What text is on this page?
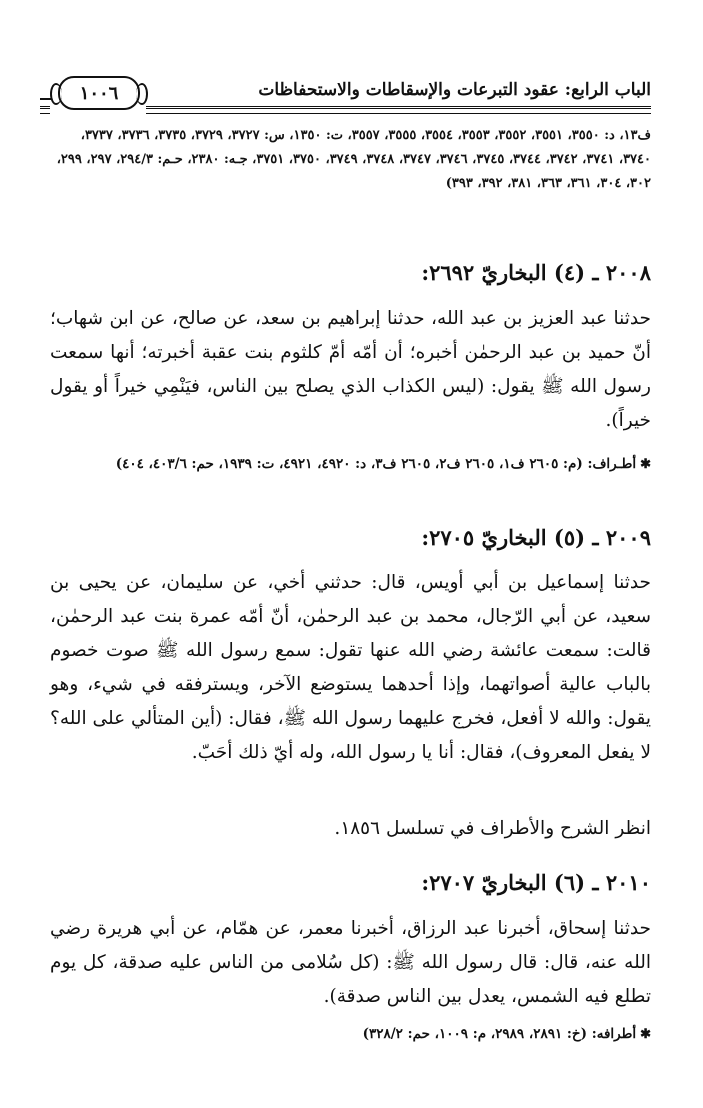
الباب الرابع: عقود التبرعات والإسقاطات والاستحفاظات
١٠٠٦
ف١٣، د: ٣٥٥٠، ٣٥٥١، ٣٥٥٢، ٣٥٥٣، ٣٥٥٤، ٣٥٥٥، ٣٥٥٧، ت: ١٣٥٠، س: ٣٧٢٧، ٣٧٢٩، ٣٧٣٥، ٣٧٣٦، ٣٧٣٧، ٣٧٤٠، ٣٧٤١، ٣٧٤٢، ٣٧٤٤، ٣٧٤٥، ٣٧٤٦، ٣٧٤٧، ٣٧٤٨، ٣٧٤٩، ٣٧٥٠، ٣٧٥١، جـه: ٢٣٨٠، حـم: ٢٩٤/٣، ٢٩٧، ٢٩٩، ٣٠٢، ٣٠٤، ٣٦١، ٣٦٣، ٣٨١، ٣٩٢، ٣٩٣)
٢٠٠٨ ـ (٤) البخاريّ ٢٦٩٢:
حدثنا عبد العزيز بن عبد الله، حدثنا إبراهيم بن سعد، عن صالح، عن ابن شهاب؛ أنّ حميد بن عبد الرحمٰن أخبره؛ أن أمّه أمّ كلثوم بنت عقبة أخبرته؛ أنها سمعت رسول الله ﷺ يقول: (ليس الكذاب الذي يصلح بين الناس، فيَنْمِي خيراً أو يقول خيراً).
✱أطـراف: (م: ٢٦٠٥ ف١، ٢٦٠٥ ف٢، ٢٦٠٥ ف٣، د: ٤٩٢٠، ٤٩٢١، ت: ١٩٣٩، حم: ٤٠٣/٦، ٤٠٤)
٢٠٠٩ ـ (٥) البخاريّ ٢٧٠٥:
حدثنا إسماعيل بن أبي أويس، قال: حدثني أخي، عن سليمان، عن يحيى بن سعيد، عن أبي الرّجال، محمد بن عبد الرحمٰن، أنّ أمّه عمرة بنت عبد الرحمٰن، قالت: سمعت عائشة رضي الله عنها تقول: سمع رسول الله ﷺ صوت خصوم بالباب عالية أصواتهما، وإذا أحدهما يستوضع الآخر، ويسترفقه في شيء، وهو يقول: والله لا أفعل، فخرج عليهما رسول الله ﷺ، فقال: (أين المتألي على الله؟ لا يفعل المعروف)، فقال: أنا يا رسول الله، وله أيّ ذلك أحَبّ.
انظر الشرح والأطراف في تسلسل ١٨٥٦.
٢٠١٠ ـ (٦) البخاريّ ٢٧٠٧:
حدثنا إسحاق، أخبرنا عبد الرزاق، أخبرنا معمر، عن همّام، عن أبي هريرة رضي الله عنه، قال: قال رسول الله ﷺ: (كل سُلامى من الناس عليه صدقة، كل يوم تطلع فيه الشمس، يعدل بين الناس صدقة).
✱أطرافه: (خ: ٢٨٩١، ٢٩٨٩، م: ١٠٠٩، حم: ٣٢٨/٢)
